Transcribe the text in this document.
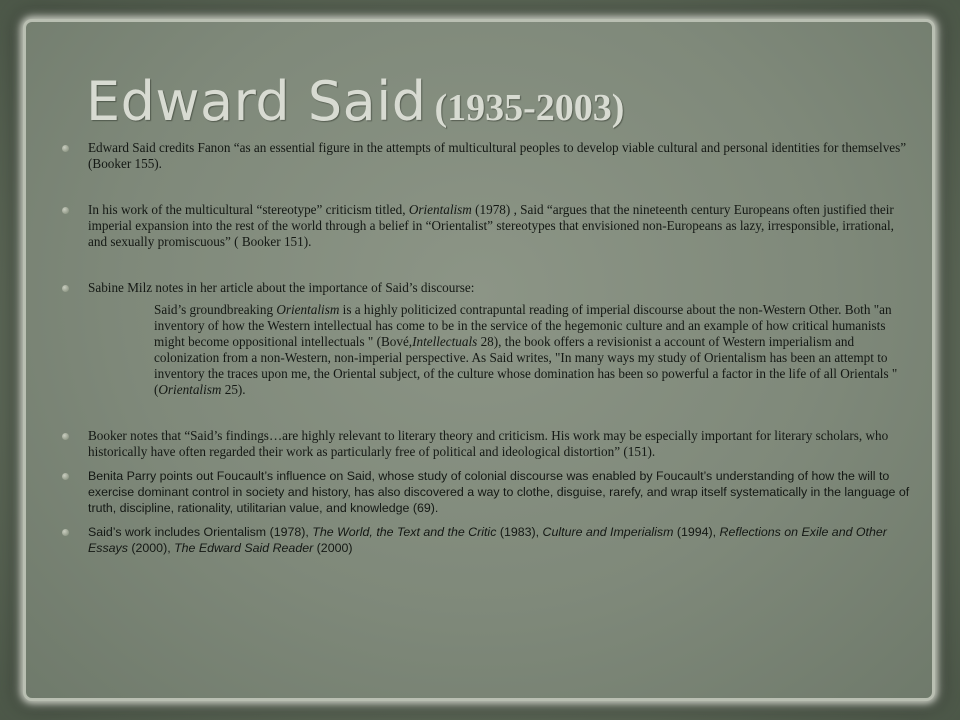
Edward Said (1935-2003)

Edward Said credits Fanon “as an essential figure in the attempts of multicultural peoples to develop viable cultural and personal identities for themselves” (Booker 155).

In his work of the multicultural “stereotype” criticism titled, Orientalism (1978) , Said “argues that the nineteenth century Europeans often justified their imperial expansion into the rest of the world through a belief in “Orientalist” stereotypes that envisioned non-Europeans as lazy, irresponsible, irrational, and sexually promiscuous” ( Booker 151).

Sabine Milz notes in her article about the importance of Said’s discourse:

Said’s groundbreaking Orientalism is a highly politicized contrapuntal reading of imperial discourse about the non-Western Other. Both "an inventory of how the Western intellectual has come to be in the service of the hegemonic culture and an example of how critical humanists might become oppositional intellectuals " (Bové,Intellectuals 28), the book offers a revisionist a account of Western imperialism and colonization from a non-Western, non-imperial perspective. As Said writes, "In many ways my study of Orientalism has been an attempt to inventory the traces upon me, the Oriental subject, of the culture whose domination has been so powerful a factor in the life of all Orientals " (Orientalism 25).

Booker notes that “Said’s findings…are highly relevant to literary theory and criticism. His work may be especially important for literary scholars, who historically have often regarded their work as particularly free of political and ideological distortion” (151).

Benita Parry points out Foucault’s influence on Said, whose study of colonial discourse was enabled by Foucault’s understanding of how the will to exercise dominant control in society and history, has also discovered a way to clothe, disguise, rarefy, and wrap itself systematically in the language of truth, discipline, rationality, utilitarian value, and knowledge (69).

Said’s work includes Orientalism (1978), The World, the Text and the Critic (1983), Culture and Imperialism (1994), Reflections on Exile and Other Essays (2000), The Edward Said Reader (2000)
